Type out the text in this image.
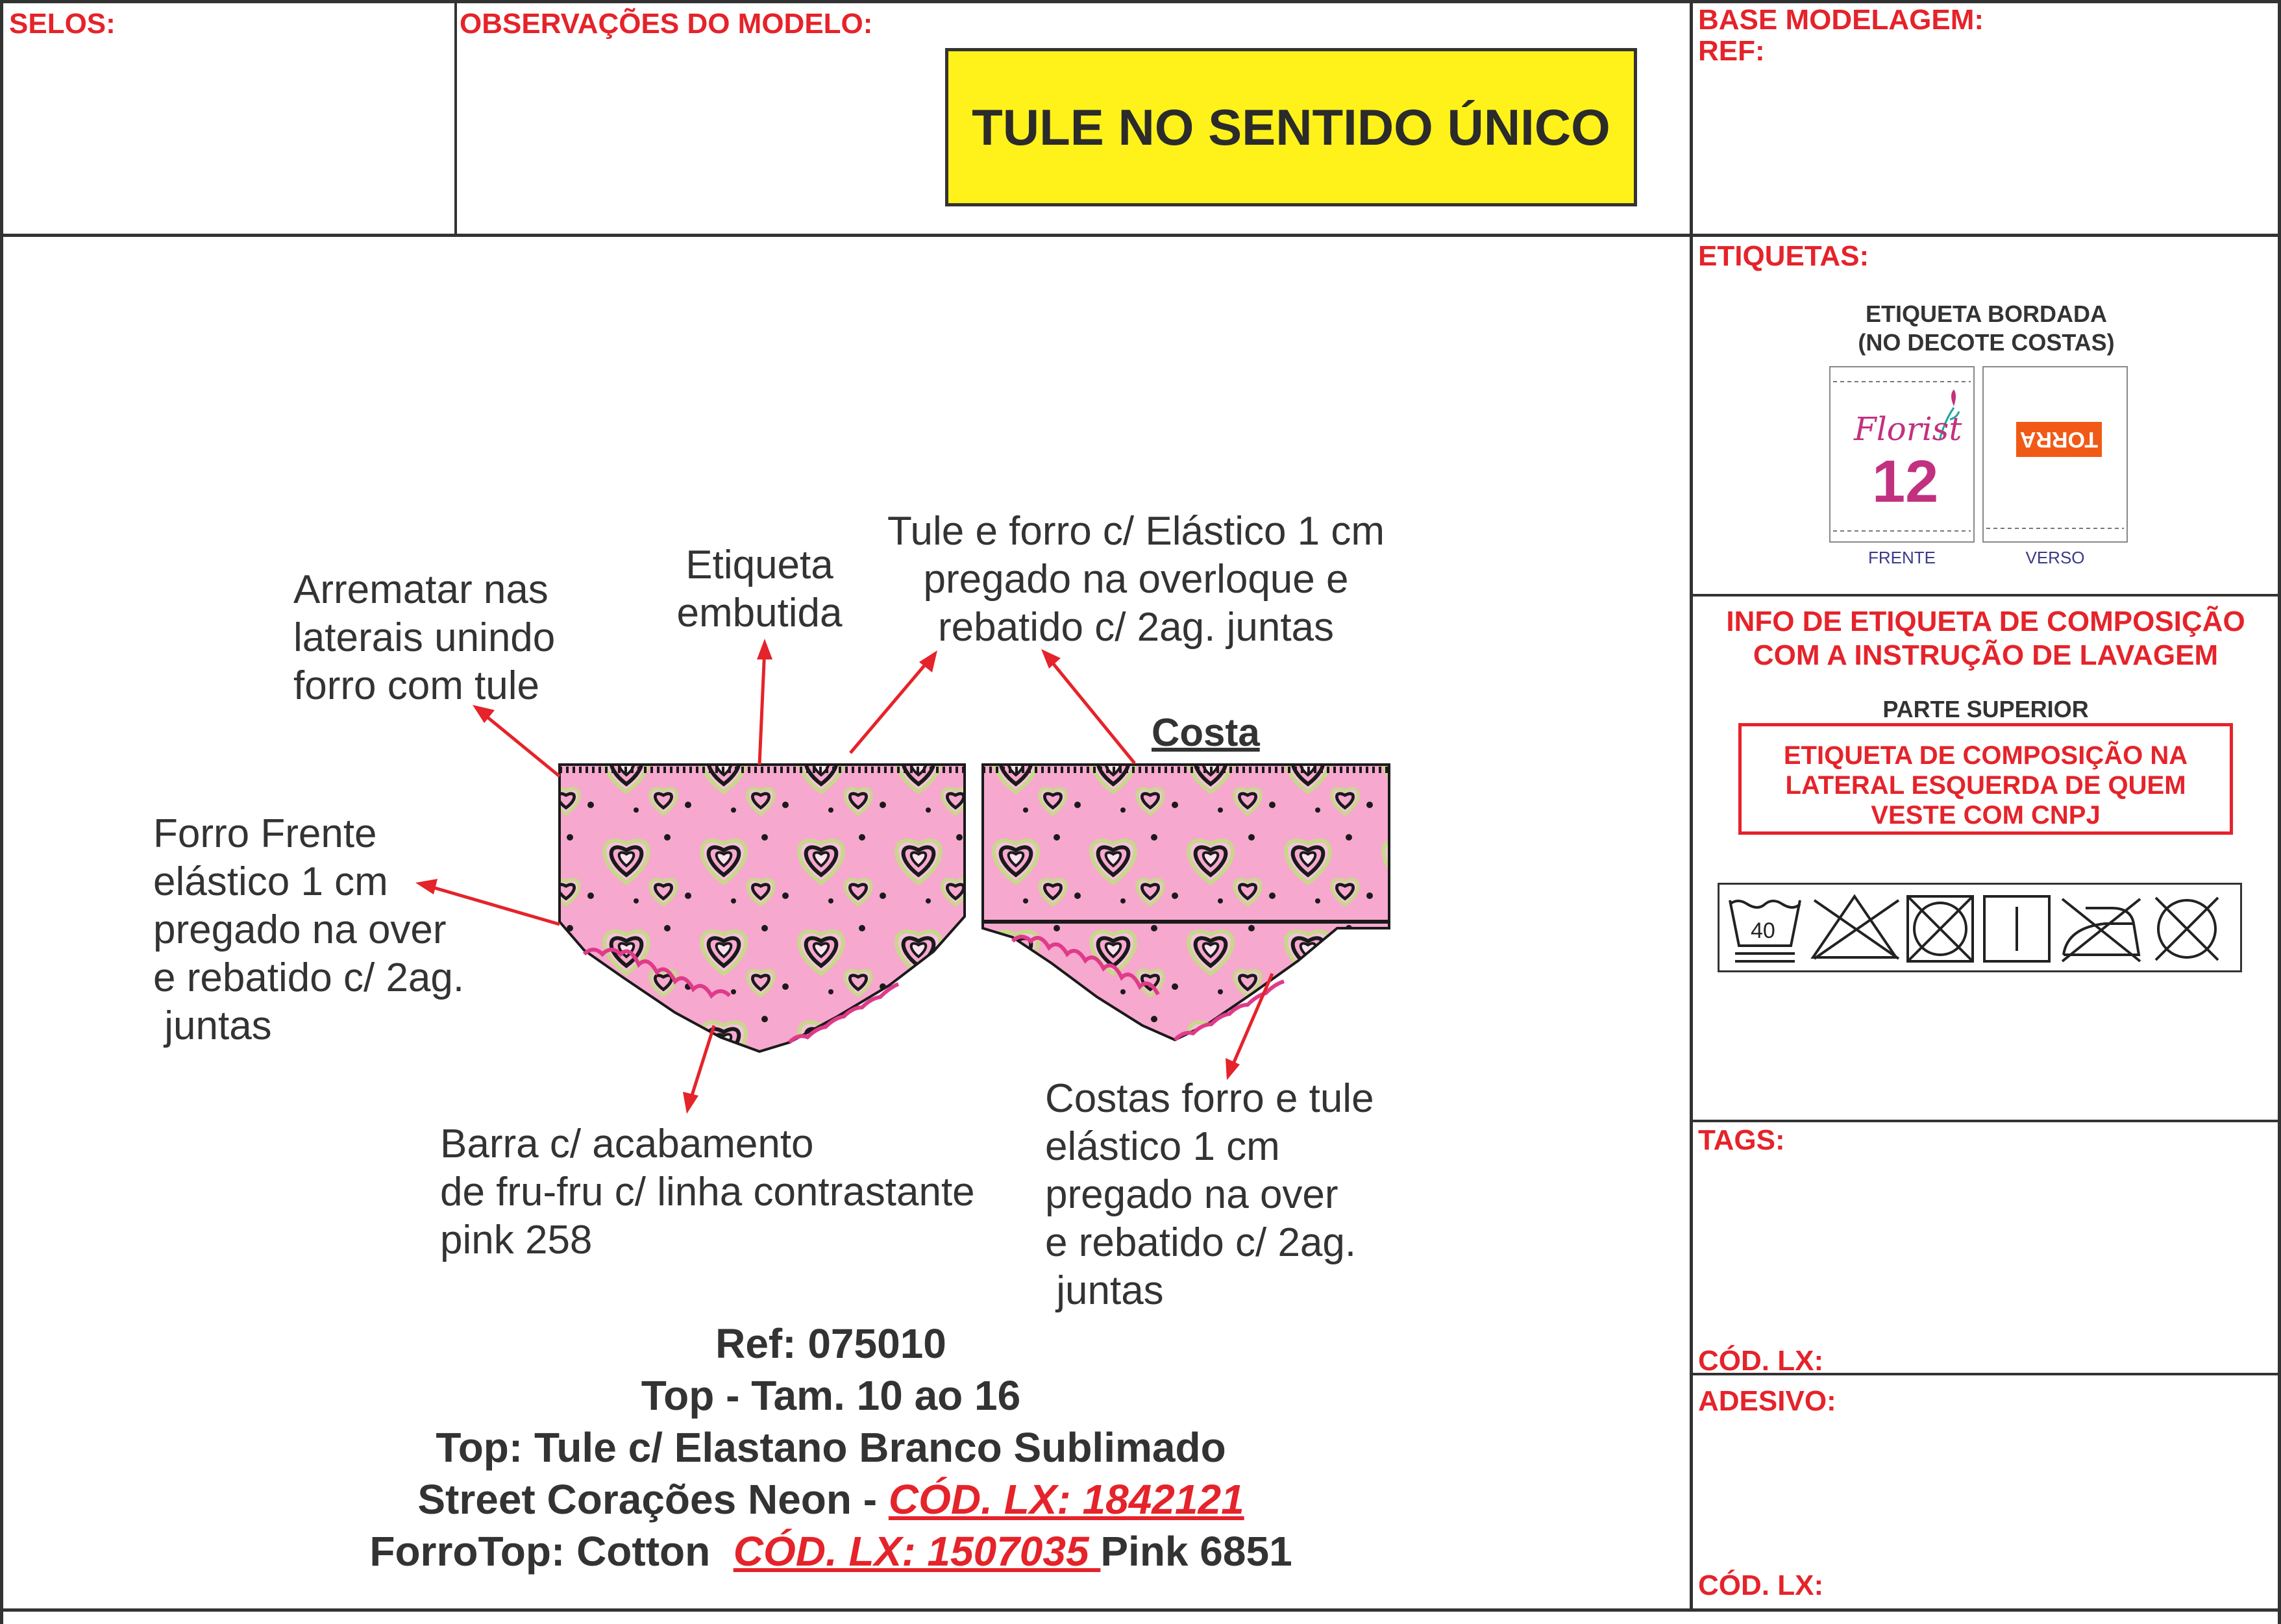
SELOS:	OBSERVAÇÕES DO MODELO:
TULE NO SENTIDO ÚNICO
BASE MODELAGEM:
REF:
ETIQUETAS:
ETIQUETA BORDADA
(NO DECOTE COSTAS)
Florist
12
TORRA
FRENTE	VERSO
INFO DE ETIQUETA DE COMPOSIÇÃO
COM A INSTRUÇÃO DE LAVAGEM
PARTE SUPERIOR
ETIQUETA DE COMPOSIÇÃO NA
LATERAL ESQUERDA DE QUEM
VESTE COM CNPJ
40
TAGS:
CÓD. LX:
ADESIVO:
CÓD. LX:
Arrematar nas
laterais unindo
forro com tule
Etiqueta
embutida
Tule e forro c/ Elástico 1 cm
pregado na overloque e
rebatido c/ 2ag. juntas
Costa
Forro Frente
elástico 1 cm
pregado na over
e rebatido c/ 2ag.
juntas
Barra c/ acabamento
de fru-fru c/ linha contrastante
pink 258
Costas forro e tule
elástico 1 cm
pregado na over
e rebatido c/ 2ag.
juntas
Ref: 075010
Top - Tam. 10 ao 16
Top: Tule c/ Elastano Branco Sublimado
Street Corações Neon - CÓD. LX: 1842121
ForroTop: Cotton  CÓD. LX: 1507035 Pink 6851
